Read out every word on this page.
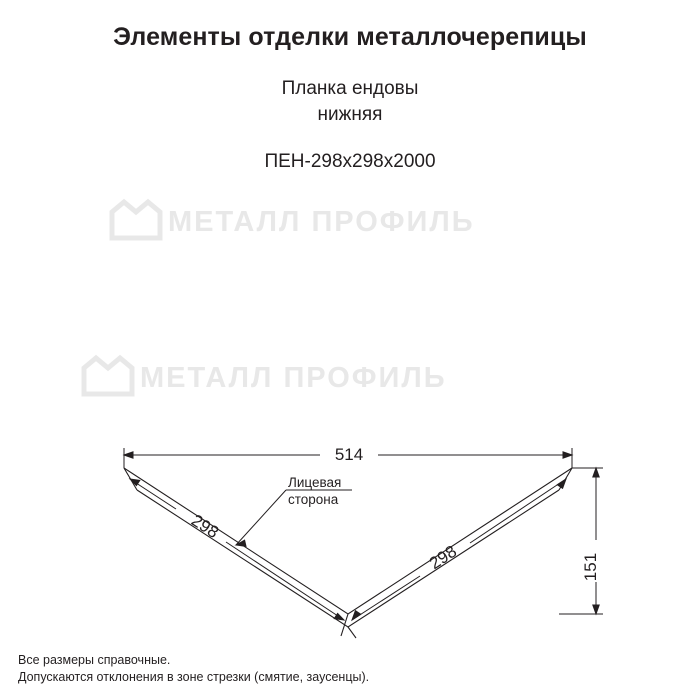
Элементы отделки металлочерепицы

Планка ендовы

нижняя

ПЕН-298х298х2000

МЕТАЛЛ ПРОФИЛЬ
МЕТАЛЛ ПРОФИЛЬ
514
151
298
298
Лицевая
сторона

Все размеры справочные.

Допускаются отклонения в зоне стрезки (смятие, заусенцы).
